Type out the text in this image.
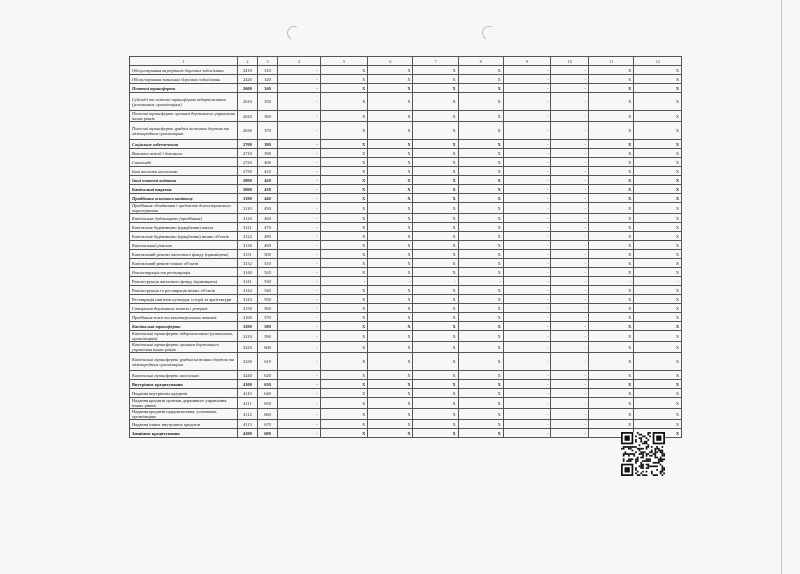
1	2	3	4	5	6	7	8	9	10	11	12
Обслуговування внутрішніх боргових зобов'язань	2410	310	-	X	X	X	X	-	-	X	X
Обслуговування зовнішніх боргових зобов'язань	2420	320	-	X	X	X	X	-	-	X	X
Поточні трансферти	2600	340	-	X	X	X	X	-	-	X	X
Субсидії та поточні трансферти підприємствам (установам, організаціям)	2610	350	-	X	X	X	X	-	-	X	X
Поточні трансферти органам державного управління інших рівнів	2620	360	-	X	X	X	X	-	-	X	X
Поточні трансферти урядам іноземних держав та міжнародним організаціям	2630	370	-	X	X	X	X	-	-	X	X
Соціальне забезпечення	2700	380	-	X	X	X	X	-	-	X	X
Виплата пенсій і допомоги	2710	390	-	X	X	X	X	-	-	X	X
Стипендії	2720	400	-	X	X	X	X	-	-	X	X
Інші виплати населенню	2730	410	-	X	X	X	X	-	-	X	X
Інші поточні видатки	2800	420	-	X	X	X	X	-	-	X	X
Капітальні видатки	3000	430	-	X	X	X	X	-	-	X	X
Придбання основного капіталу	3100	440	-	X	X	X	X	-	-	X	X
Придбання обладнання і предметів довгострокового користування	3110	450	-	X	X	X	X	-	-	X	X
Капітальне будівництво (придбання)	3120	460	-	X	X	X	X	-	-	X	X
Капітальне будівництво (придбання) житла	3121	470	-	X	X	X	X	-	-	X	X
Капітальне будівництво (придбання) інших об'єктів	3122	480	-	X	X	X	X	-	-	X	X
Капітальний ремонт	3130	490	-	X	X	X	X	-	-	X	X
Капітальний ремонт житлового фонду (приміщень)	3131	500	-	X	X	X	X	-	-	X	X
Капітальний ремонт інших об'єктів	3132	510	-	X	X	X	X	-	-	X	X
Реконструкція та реставрація	3140	520	-	X	X	X	X	-	-	X	X
Реконструкція житлового фонду (приміщень)	3141	530	-	-	-	-	-	-	-	-	-
Реконструкція та реставрація інших об'єктів	3142	540	-	X	X	X	X	-	-	X	X
Реставрація пам'яток культури, історії та архітектури	3143	550	-	X	X	X	X	-	-	X	X
Створення державних запасів і резервів	3150	560	-	X	X	X	X	-	-	X	X
Придбання землі та нематеріальних активів	3160	570	-	X	X	X	X	-	-	X	X
Капітальні трансферти	3200	580	-	X	X	X	X	-	-	X	X
Капітальні трансферти підприємствам (установам, організаціям)	3210	590	-	X	X	X	X	-	-	X	X
Капітальні трансферти органам державного управління інших рівнів	3220	600	-	X	X	X	X	-	-	X	X
Капітальні трансферти урядам іноземних держав та міжнародним організаціям	3230	610	-	X	X	X	X	-	-	X	X
Капітальні трансферти населенню	3240	620	-	X	X	X	X	-	-	X	X
Внутрішнє кредитування	4100	630	-	X	X	X	X	-	-	X	X
Надання внутрішніх кредитів	4110	640	-	X	X	X	X	-	-	X	X
Надання кредитів органам державного управління інших рівнів	4111	650	-	X	X	X	X	-	-	X	X
Надання кредитів підприємствам, установам, організаціям	4112	660	-	X	X	X	X	-	-	X	X
Надання інших внутрішніх кредитів	4113	670	-	X	X	X	X	-	-	X	X
Зовнішнє кредитування	4200	680	-	X	X	X	X	-	-		X
